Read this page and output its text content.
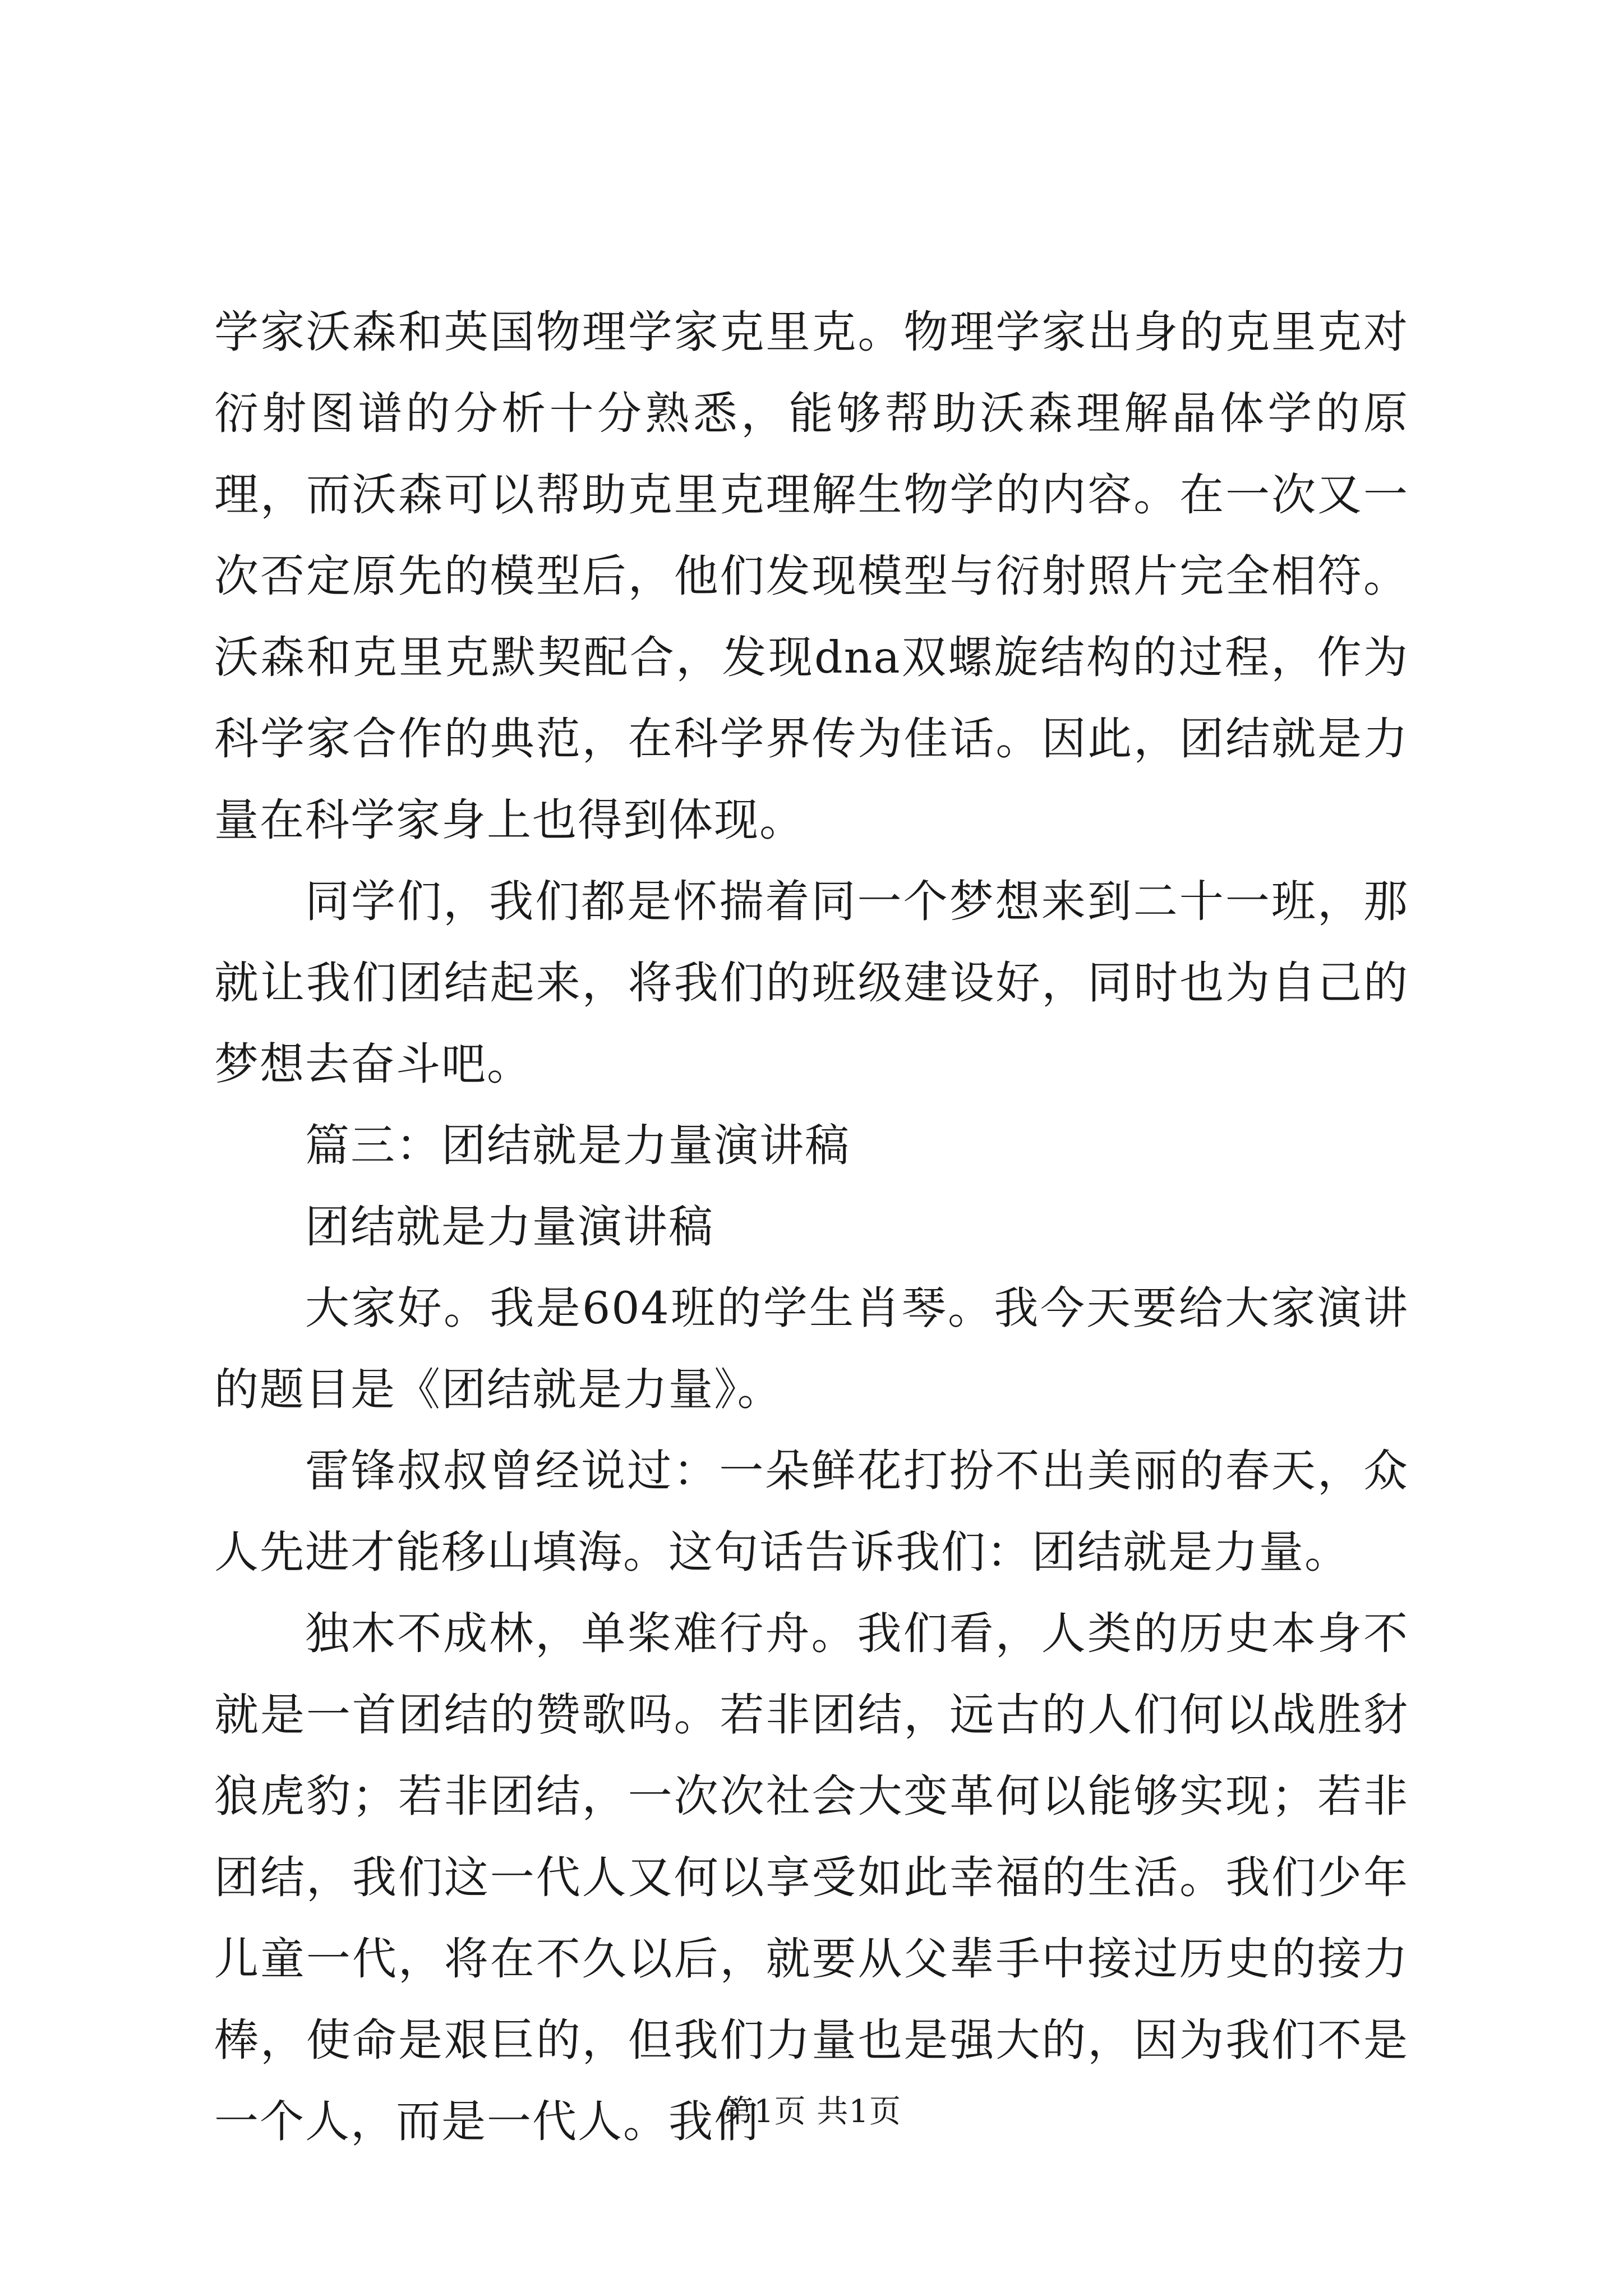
学家沃森和英国物理学家克里克。物理学家出身的克里克对衍射图谱的分析十分熟悉，能够帮助沃森理解晶体学的原理，而沃森可以帮助克里克理解生物学的内容。在一次又一次否定原先的模型后，他们发现模型与衍射照片完全相符。沃森和克里克默契配合，发现dna双螺旋结构的过程，作为科学家合作的典范，在科学界传为佳话。因此，团结就是力量在科学家身上也得到体现。

同学们，我们都是怀揣着同一个梦想来到二十一班，那就让我们团结起来，将我们的班级建设好，同时也为自己的梦想去奋斗吧。

篇三：团结就是力量演讲稿

团结就是力量演讲稿

大家好。我是604班的学生肖琴。我今天要给大家演讲的题目是《团结就是力量》。

雷锋叔叔曾经说过：一朵鲜花打扮不出美丽的春天，众人先进才能移山填海。这句话告诉我们：团结就是力量。

独木不成林，单桨难行舟。我们看，人类的历史本身不就是一首团结的赞歌吗。若非团结，远古的人们何以战胜豺狼虎豹；若非团结，一次次社会大变革何以能够实现；若非团结，我们这一代人又何以享受如此幸福的生活。我们少年儿童一代，将在不久以后，就要从父辈手中接过历史的接力棒，使命是艰巨的，但我们力量也是强大的，因为我们不是一个人，而是一代人。我们

第1页 共1页
